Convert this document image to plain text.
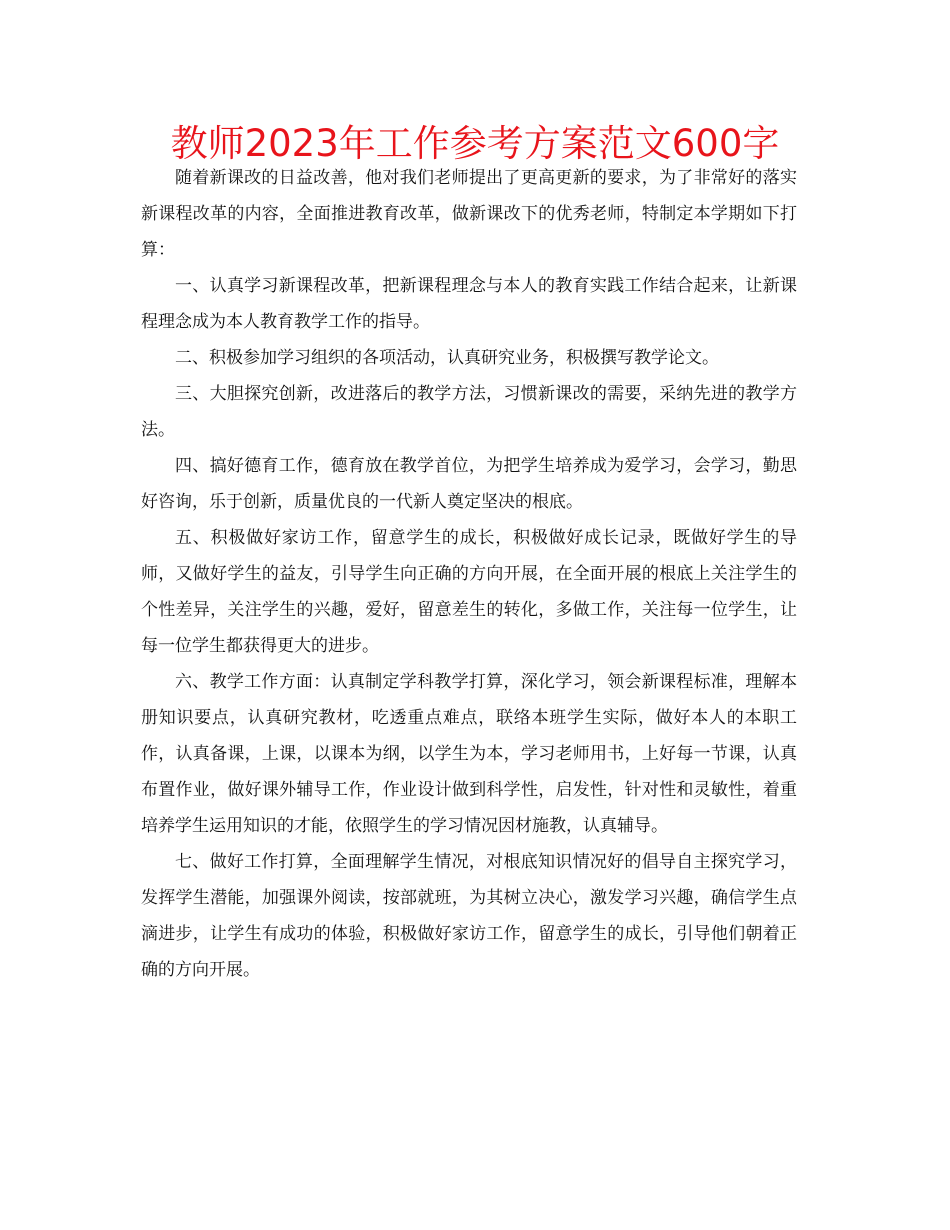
教师2023年工作参考方案范文600字

随着新课改的日益改善，他对我们老师提出了更高更新的要求，为了非常好的落实新课程改革的内容，全面推进教育改革，做新课改下的优秀老师，特制定本学期如下打算：

一、认真学习新课程改革，把新课程理念与本人的教育实践工作结合起来，让新课程理念成为本人教育教学工作的指导。

二、积极参加学习组织的各项活动，认真研究业务，积极撰写教学论文。

三、大胆探究创新，改进落后的教学方法，习惯新课改的需要，采纳先进的教学方法。

四、搞好德育工作，德育放在教学首位，为把学生培养成为爱学习，会学习，勤思好咨询，乐于创新，质量优良的一代新人奠定坚决的根底。

五、积极做好家访工作，留意学生的成长，积极做好成长记录，既做好学生的导师，又做好学生的益友，引导学生向正确的方向开展，在全面开展的根底上关注学生的个性差异，关注学生的兴趣，爱好，留意差生的转化，多做工作，关注每一位学生，让每一位学生都获得更大的进步。

六、教学工作方面：认真制定学科教学打算，深化学习，领会新课程标准，理解本册知识要点，认真研究教材，吃透重点难点，联络本班学生实际，做好本人的本职工作，认真备课，上课，以课本为纲，以学生为本，学习老师用书，上好每一节课，认真布置作业，做好课外辅导工作，作业设计做到科学性，启发性，针对性和灵敏性，着重培养学生运用知识的才能，依照学生的学习情况因材施教，认真辅导。

七、做好工作打算，全面理解学生情况，对根底知识情况好的倡导自主探究学习，发挥学生潜能，加强课外阅读，按部就班，为其树立决心，激发学习兴趣，确信学生点滴进步，让学生有成功的体验，积极做好家访工作，留意学生的成长，引导他们朝着正确的方向开展。
